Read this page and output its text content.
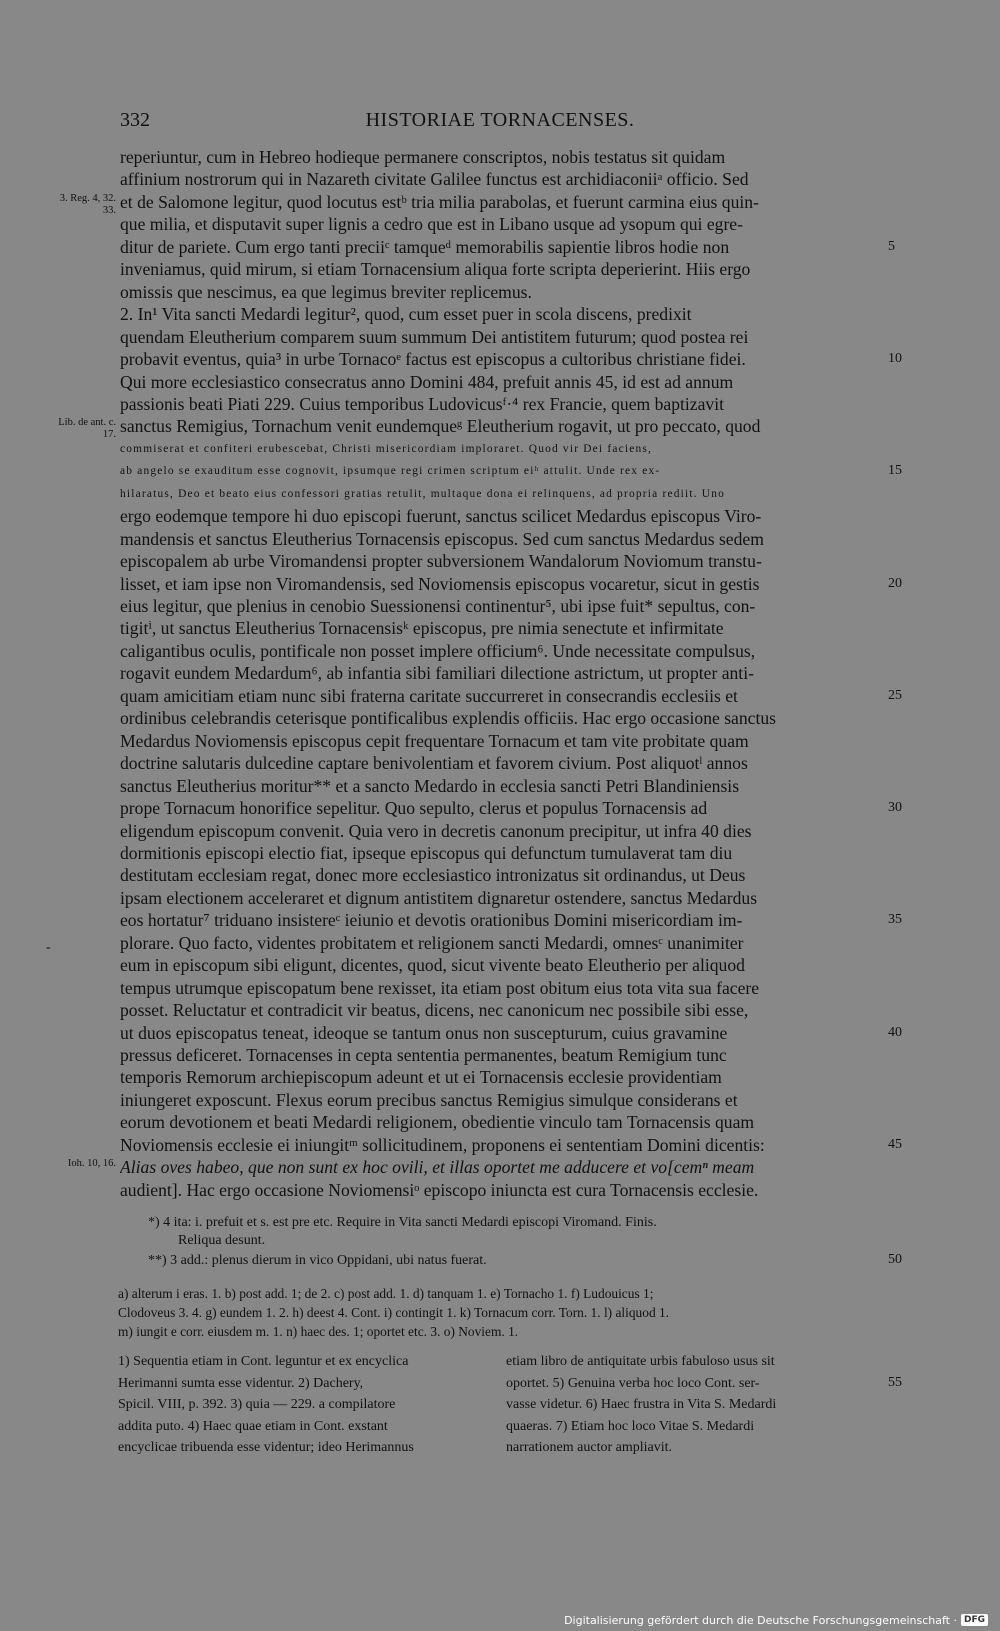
332	HISTORIAE TORNACENSES.
reperiuntur, cum in Hebreo hodieque permanere conscriptos, nobis testatus sit quidam
affinium nostrorum qui in Nazareth civitate Galilee functus est archidiaconiiᵃ officio. Sed
et de Salomone legitur, quod locutus estᵇ tria milia parabolas, et fuerunt carmina eius quin-
que milia, et disputavit super lignis a cedro que est in Libano usque ad ysopum qui egre-
ditur de pariete. Cum ergo tanti preciiᶜ tamqueᵈ memorabilis sapientie libros hodie non	5
inveniamus, quid mirum, si etiam Tornacensium aliqua forte scripta deperierint. Hiis ergo
omissis que nescimus, ea que legimus breviter replicemus.
2. In¹ Vita sancti Medardi legitur², quod, cum esset puer in scola discens, predixit
quendam Eleutherium comparem suum summum Dei antistitem futurum; quod postea rei
probavit eventus, quia³ in urbe Tornacoᵉ factus est episcopus a cultoribus christiane fidei.	10
Qui more ecclesiastico consecratus anno Domini 484, prefuit annis 45, id est ad annum
passionis beati Piati 229. Cuius temporibus Ludovicusᶠ·⁴ rex Francie, quem baptizavit
sanctus Remigius, Tornachum venit eundemqueᵍ Eleutherium rogavit, ut pro peccato, quod
commiserat et confiteri erubescebat, Christi misericordiam imploraret. Quod vir Dei faciens,
ab angelo se exauditum esse cognovit, ipsumque regi crimen scriptum eiʰ attulit. Unde rex ex-	15
hilaratus, Deo et beato eius confessori gratias retulit, multaque dona ei relinquens, ad propria rediit. Uno
ergo eodemque tempore hi duo episcopi fuerunt, sanctus scilicet Medardus episcopus Viro-
mandensis et sanctus Eleutherius Tornacensis episcopus. Sed cum sanctus Medardus sedem
episcopalem ab urbe Viromandensi propter subversionem Wandalorum Noviomum transtu-
lisset, et iam ipse non Viromandensis, sed Noviomensis episcopus vocaretur, sicut in gestis	20
eius legitur, que plenius in cenobio Suessionensi continentur⁵, ubi ipse fuit* sepultus, con-
tigitⁱ, ut sanctus Eleutherius Tornacensisᵏ episcopus, pre nimia senectute et infirmitate
caligantibus oculis, pontificale non posset implere officium⁶. Unde necessitate compulsus,
rogavit eundem Medardum⁶, ab infantia sibi familiari dilectione astrictum, ut propter anti-
quam amicitiam etiam nunc sibi fraterna caritate succurreret in consecrandis ecclesiis et	25
ordinibus celebrandis ceterisque pontificalibus explendis officiis. Hac ergo occasione sanctus
Medardus Noviomensis episcopus cepit frequentare Tornacum et tam vite probitate quam
doctrine salutaris dulcedine captare benivolentiam et favorem civium. Post aliquotˡ annos
sanctus Eleutherius moritur** et a sancto Medardo in ecclesia sancti Petri Blandiniensis
prope Tornacum honorifice sepelitur. Quo sepulto, clerus et populus Tornacensis ad	30
eligendum episcopum convenit. Quia vero in decretis canonum precipitur, ut infra 40 dies
dormitionis episcopi electio fiat, ipseque episcopus qui defunctum tumulaverat tam diu
destitutam ecclesiam regat, donec more ecclesiastico intronizatus sit ordinandus, ut Deus
ipsam electionem acceleraret et dignum antistitem dignaretur ostendere, sanctus Medardus
eos hortatur⁷ triduano insistereᶜ ieiunio et devotis orationibus Domini misericordiam im-	35
plorare. Quo facto, videntes probitatem et religionem sancti Medardi, omnesᶜ unanimiter
eum in episcopum sibi eligunt, dicentes, quod, sicut vivente beato Eleutherio per aliquod
tempus utrumque episcopatum bene rexisset, ita etiam post obitum eius tota vita sua facere
posset. Reluctatur et contradicit vir beatus, dicens, nec canonicum nec possibile sibi esse,
ut duos episcopatus teneat, ideoque se tantum onus non suscepturum, cuius gravamine	40
pressus deficeret. Tornacenses in cepta sententia permanentes, beatum Remigium tunc
temporis Remorum archiepiscopum adeunt et ut ei Tornacensis ecclesie providentiam
iniungeret exposcunt. Flexus eorum precibus sanctus Remigius simulque considerans et
eorum devotionem et beati Medardi religionem, obedientie vinculo tam Tornacensis quam
Noviomensis ecclesie ei iniungitᵐ sollicitudinem, proponens ei sententiam Domini dicentis:	45
Alias oves habeo, que non sunt ex hoc ovili, et illas oportet me adducere et vo[cemⁿ meam
audient]. Hac ergo occasione Noviomensiᵒ episcopo iniuncta est cura Tornacensis ecclesie.
3. Reg. 4, 32. 33.
Lib. de ant. c. 17.
Ioh. 10, 16.
-
*) 4 ita: i. prefuit et s. est pre etc. Require in Vita sancti Medardi episcopi Viromand. Finis.
Reliqua desunt.
**) 3 add.: plenus dierum in vico Oppidani, ubi natus fuerat.	50
a) alterum i eras. 1. b) post add. 1; de 2. c) post add. 1. d) tanquam 1. e) Tornacho 1. f) Ludouicus 1;
Clodoveus 3. 4. g) eundem 1. 2. h) deest 4. Cont. i) contingit 1. k) Tornacum corr. Torn. 1. l) aliquod 1.
m) iungit e corr. eiusdem m. 1. n) haec des. 1; oportet etc. 3. o) Noviem. 1.
1) Sequentia etiam in Cont. leguntur et ex encyclica
Herimanni sumta esse videntur. 2) Dachery,
Spicil. VIII, p. 392. 3) quia — 229. a compilatore
addita puto. 4) Haec quae etiam in Cont. exstant
encyclicae tribuenda esse videntur; ideo Herimannus
etiam libro de antiquitate urbis fabuloso usus sit
oportet. 5) Genuina verba hoc loco Cont. ser-	55
vasse videtur. 6) Haec frustra in Vita S. Medardi
quaeras. 7) Etiam hoc loco Vitae S. Medardi
narrationem auctor ampliavit.
Digitalisierung gefördert durch die Deutsche Forschungsgemeinschaft · DFG
